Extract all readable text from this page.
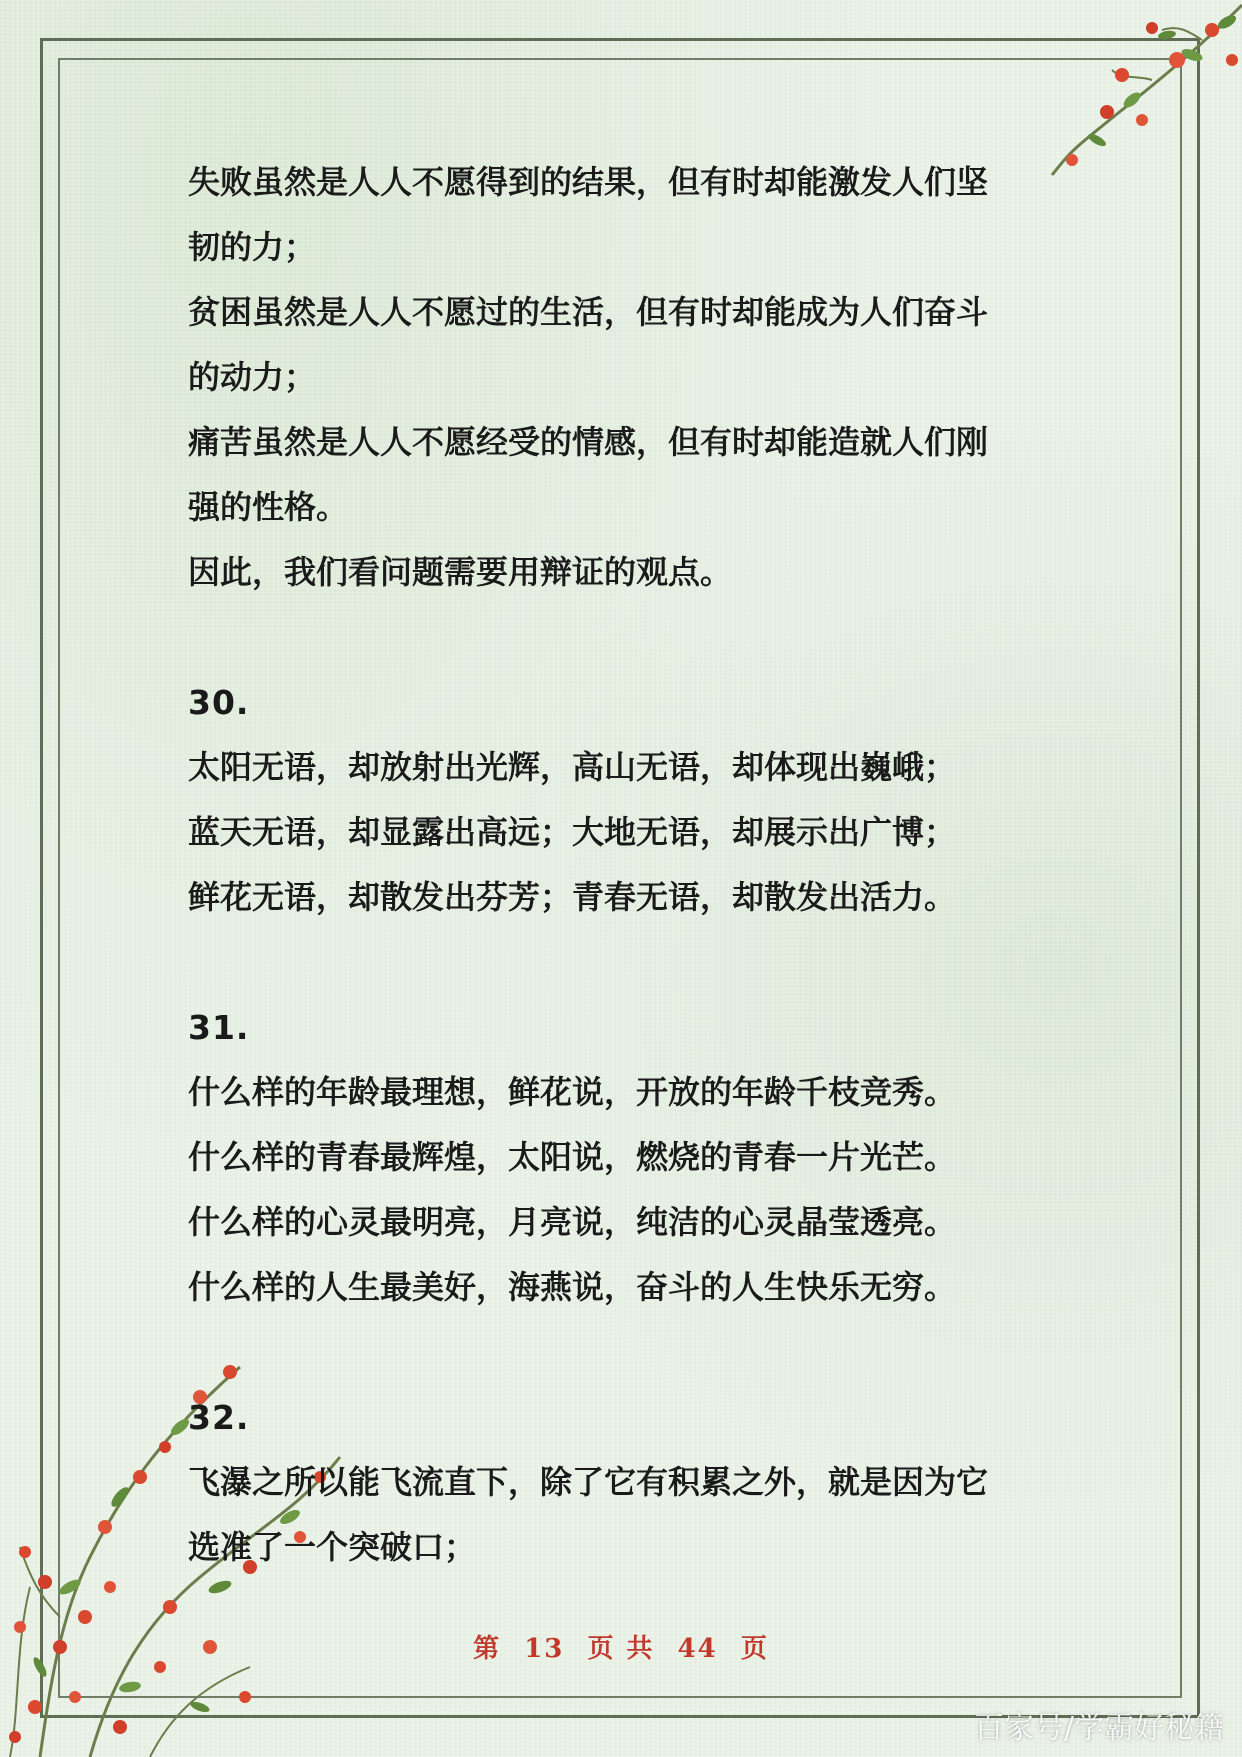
失败虽然是人人不愿得到的结果，但有时却能激发人们坚
韧的力；
贫困虽然是人人不愿过的生活，但有时却能成为人们奋斗
的动力；
痛苦虽然是人人不愿经受的情感，但有时却能造就人们刚
强的性格。
因此，我们看问题需要用辩证的观点。
30.
太阳无语，却放射出光辉，高山无语，却体现出巍峨；
蓝天无语，却显露出高远；大地无语，却展示出广博；
鲜花无语，却散发出芬芳；青春无语，却散发出活力。
31.
什么样的年龄最理想，鲜花说，开放的年龄千枝竞秀。
什么样的青春最辉煌，太阳说，燃烧的青春一片光芒。
什么样的心灵最明亮，月亮说，纯洁的心灵晶莹透亮。
什么样的人生最美好，海燕说，奋斗的人生快乐无穷。
32.
飞瀑之所以能飞流直下，除了它有积累之外，就是因为它
选准了一个突破口；
第 13 页 共 44 页
百家号/学霸好秘籍
